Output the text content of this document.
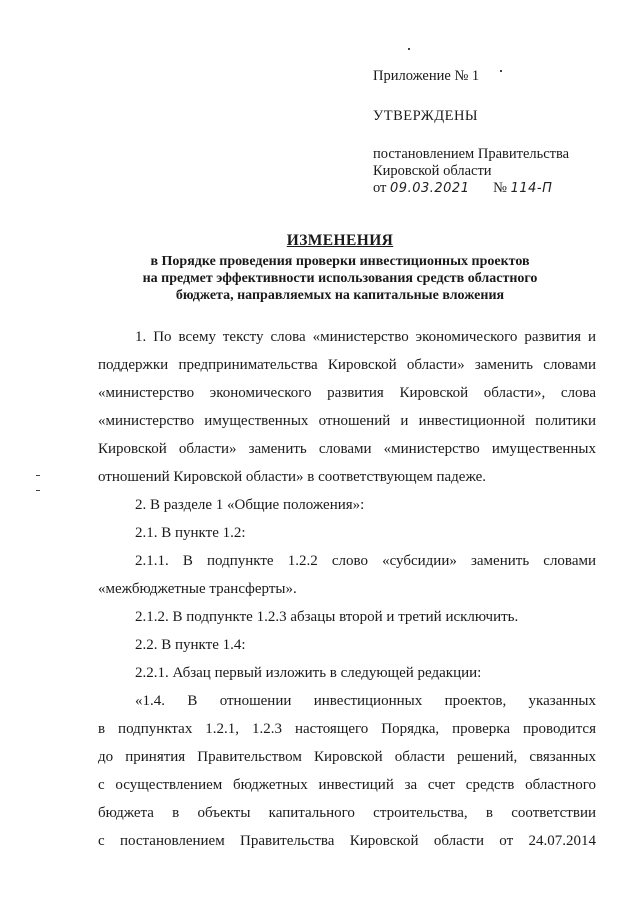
Приложение № 1
УТВЕРЖДЕНЫ
постановлением Правительства
Кировской области
от 09.03.2021 № 114-П
ИЗМЕНЕНИЯ
в Порядке проведения проверки инвестиционных проектов
на предмет эффективности использования средств областного
бюджета, направляемых на капитальные вложения

1. По всему тексту слова «министерство экономического развития и
поддержки предпринимательства Кировской области» заменить словами
«министерство экономического развития Кировской области», слова
«министерство имущественных отношений и инвестиционной политики
Кировской области» заменить словами «министерство имущественных
отношений Кировской области» в соответствующем падеже.

2. В разделе 1 «Общие положения»:

2.1. В пункте 1.2:

2.1.1. В подпункте 1.2.2 слово «субсидии» заменить словами
«межбюджетные трансферты».

2.1.2. В подпункте 1.2.3 абзацы второй и третий исключить.

2.2. В пункте 1.4:

2.2.1. Абзац первый изложить в следующей редакции:

«1.4. В отношении инвестиционных проектов, указанных
в подпунктах 1.2.1, 1.2.3 настоящего Порядка, проверка проводится
до принятия Правительством Кировской области решений, связанных
с осуществлением бюджетных инвестиций за счет средств областного
бюджета в объекты капитального строительства, в соответствии
с постановлением Правительства Кировской области от 24.07.2014
